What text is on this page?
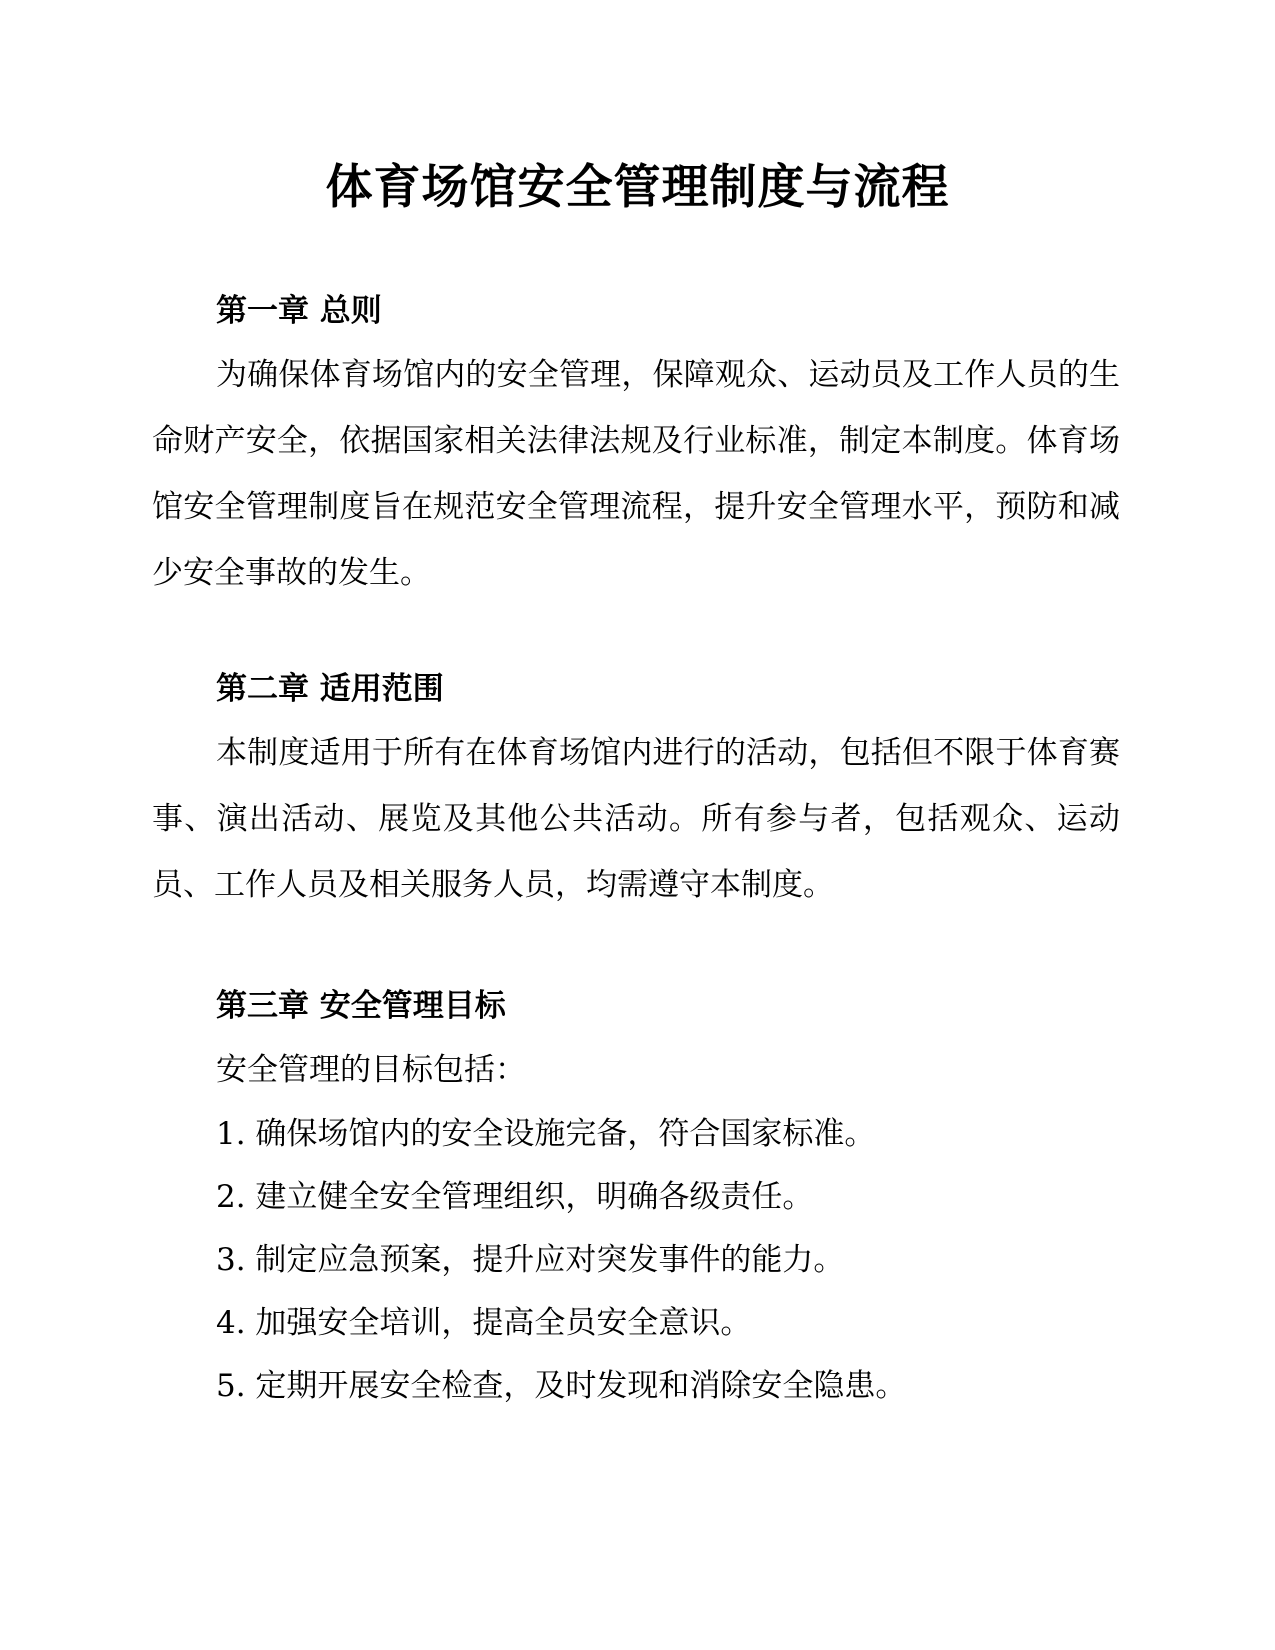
体育场馆安全管理制度与流程
第一章 总则

为确保体育场馆内的安全管理，保障观众、运动员及工作人员的生命财产安全，依据国家相关法律法规及行业标准，制定本制度。体育场馆安全管理制度旨在规范安全管理流程，提升安全管理水平，预防和减少安全事故的发生。

第二章 适用范围

本制度适用于所有在体育场馆内进行的活动，包括但不限于体育赛事、演出活动、展览及其他公共活动。所有参与者，包括观众、运动员、工作人员及相关服务人员，均需遵守本制度。

第三章 安全管理目标
安全管理的目标包括：
1. 确保场馆内的安全设施完备，符合国家标准。
2. 建立健全安全管理组织，明确各级责任。
3. 制定应急预案，提升应对突发事件的能力。
4. 加强安全培训，提高全员安全意识。
5. 定期开展安全检查，及时发现和消除安全隐患。
